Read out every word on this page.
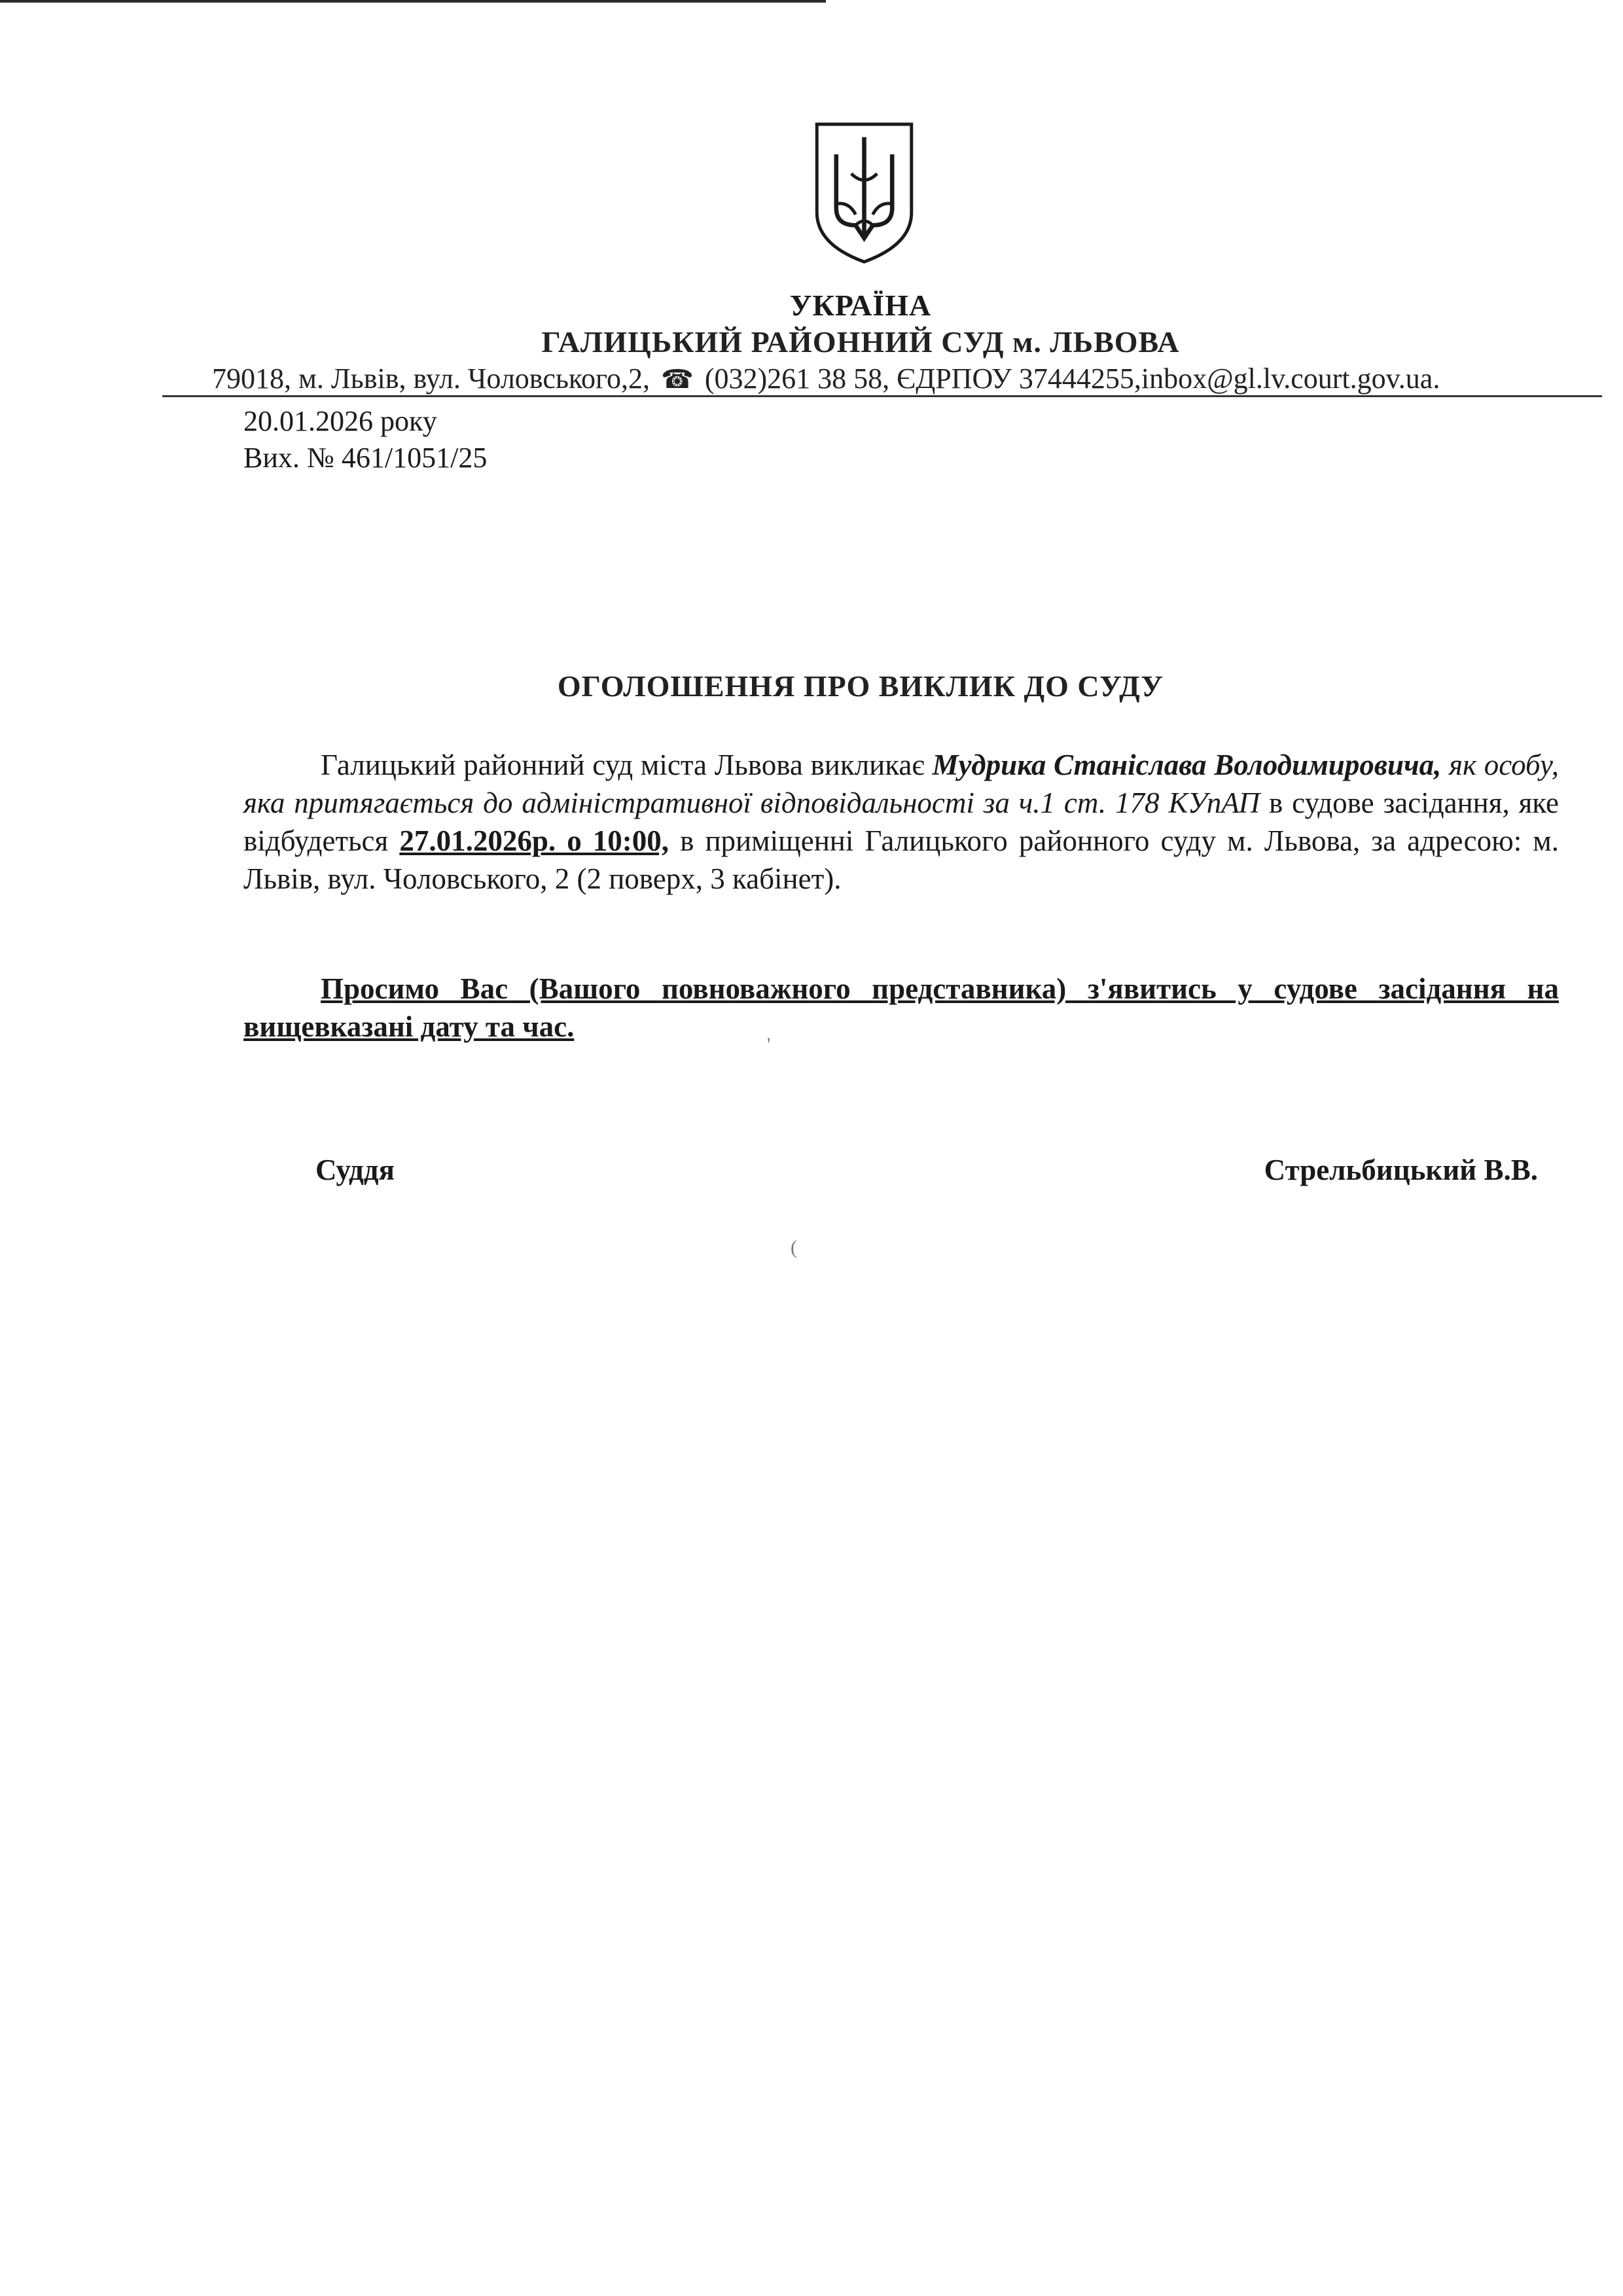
УКРАЇНА
ГАЛИЦЬКИЙ РАЙОННИЙ СУД м. ЛЬВОВА
79018, м. Львів, вул. Чоловського,2, ☎ (032)261 38 58, ЄДРПОУ 37444255,inbox@gl.lv.court.gov.ua.
20.01.2026 року
Вих. № 461/1051/25
ОГОЛОШЕННЯ ПРО ВИКЛИК ДО СУДУ
Галицький районний суд міста Львова викликає Мудрика Станіслава Володимировича, як особу, яка притягається до адміністративної відповідальності за ч.1 ст. 178 КУпАП в судове засідання, яке відбудеться 27.01.2026р. о 10:00, в приміщенні Галицького районного суду м. Львова, за адресою: м. Львів, вул. Чоловського, 2 (2 поверх, 3 кабінет).
Просимо Вас (Вашого повноважного представника) з'явитись у судове засідання на вищевказані дату та час.
Суддя	Стрельбицький В.В.
'
(
